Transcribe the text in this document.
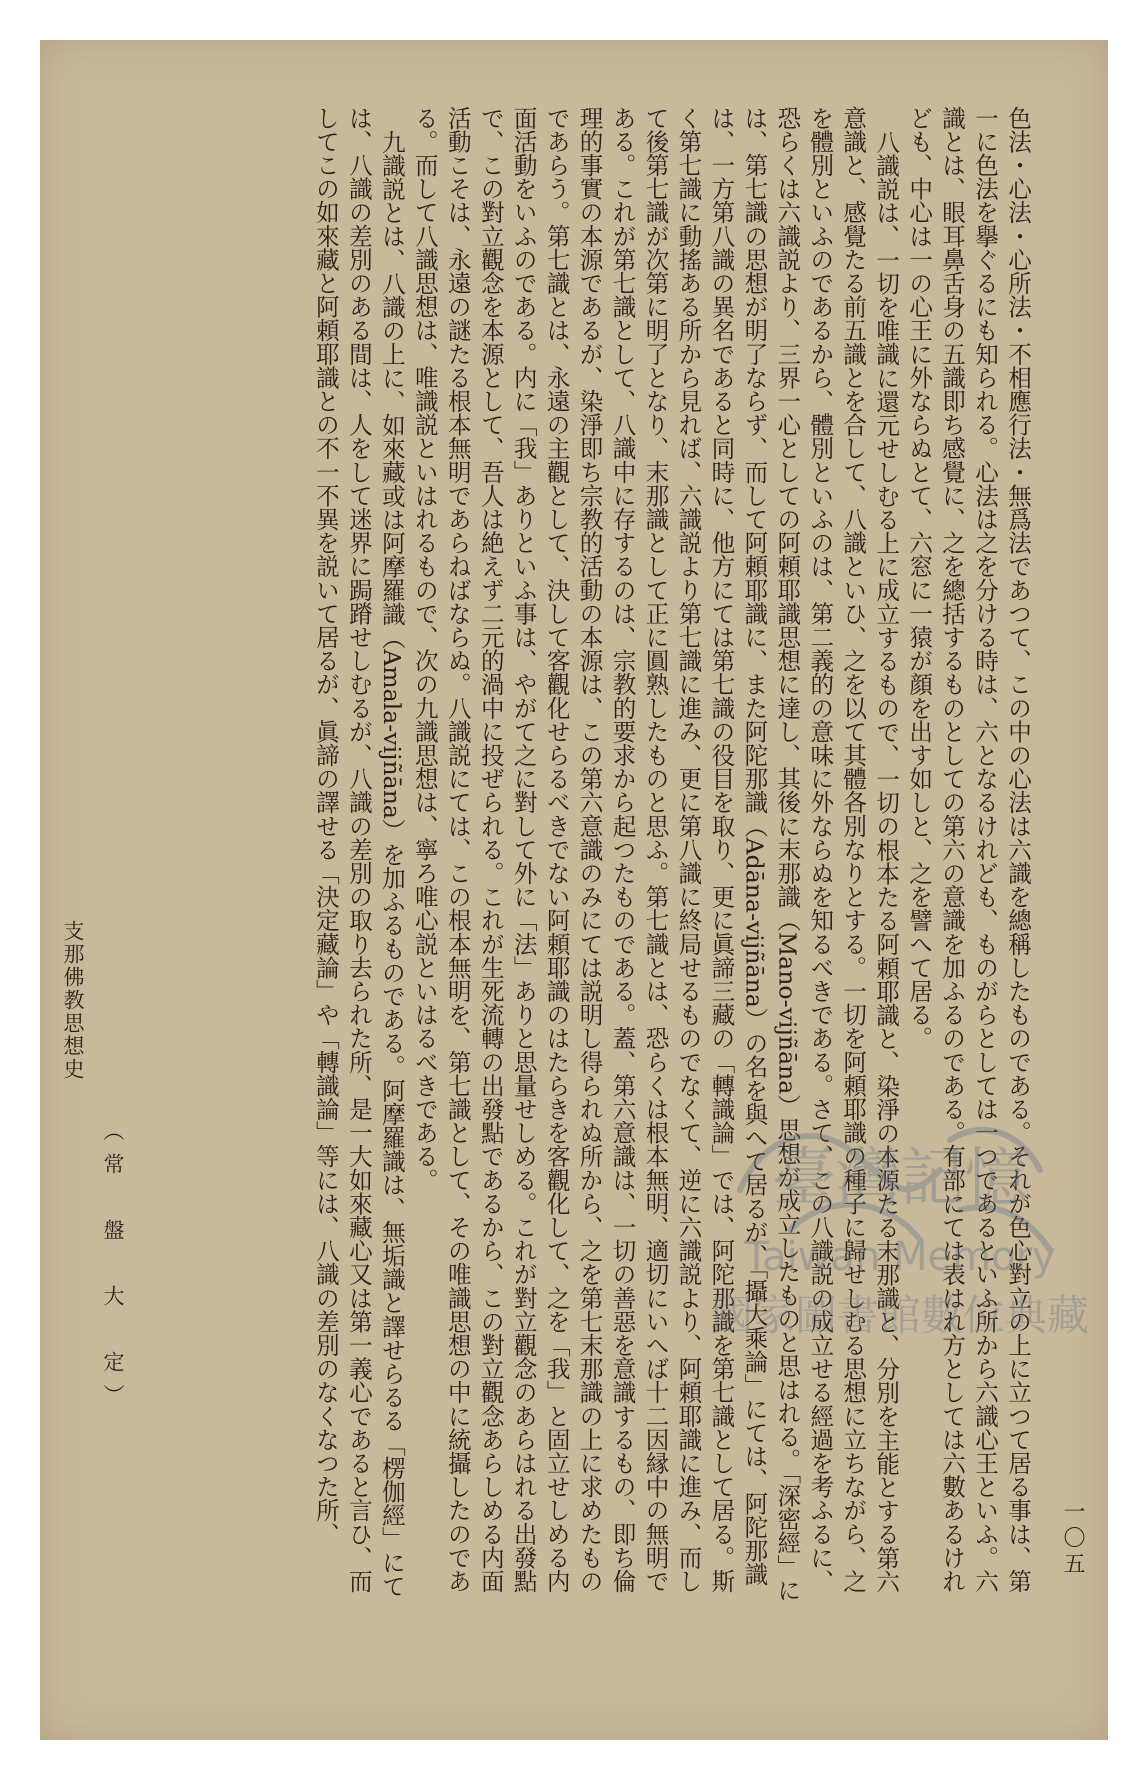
色法・心法・心所法・不相應行法・無爲法であつて、この中の心法は六識を總稱したものである。それが色心對立の上に立つて居る事は、第一に色法を擧ぐるにも知られる。心法は之を分ける時は、六となるけれども、ものがらとしては一つであるといふ所から六識心王といふ。六識とは、眼耳鼻舌身の五識即ち感覺に、之を總括するものとしての第六の意識を加ふるのである。有部にては表はれ方としては六數あるけれども、中心は一の心王に外ならぬとて、六窓に一猿が顔を出す如しと、之を譬へて居る。

八識説は、一切を唯識に還元せしむる上に成立するもので、一切の根本たる阿頼耶識と、染淨の本源たる末那識と、分別を主能とする第六意識と、感覺たる前五識とを合して、八識といひ、之を以て其體各別なりとする。一切を阿頼耶識の種子に歸せしむる思想に立ちながら、之を體別といふのであるから、體別といふのは、第二義的の意味に外ならぬを知るべきである。さて、この八識説の成立せる經過を考ふるに、恐らくは六識説より、三界一心としての阿頼耶識思想に達し、其後に末那識（Mano-vijñāna）思想が成立したものと思はれる。「深密經」には、第七識の思想が明了ならず、而して阿頼耶識に、また阿陀那識（Adāna-vijñāna）の名を與へて居るが、「攝大乘論」にては、阿陀那識は、一方第八識の異名であると同時に、他方にては第七識の役目を取り、更に眞諦三藏の「轉識論」では、阿陀那識を第七識として居る。斯く第七識に動搖ある所から見れば、六識説より第七識に進み、更に第八識に終局せるものでなくて、逆に六識説より、阿頼耶識に進み、而して後第七識が次第に明了となり、末那識として正に圓熟したものと思ふ。第七識とは、恐らくは根本無明、適切にいへば十二因縁中の無明である。これが第七識として、八識中に存するのは、宗教的要求から起つたものである。蓋、第六意識は、一切の善惡を意識するもの、即ち倫理的事實の本源であるが、染淨即ち宗教的活動の本源は、この第六意識のみにては説明し得られぬ所から、之を第七末那識の上に求めたものであらう。第七識とは、永遠の主觀として、決して客觀化せらるべきでない阿頼耶識のはたらきを客觀化して、之を「我」と固立せしめる内面活動をいふのである。内に「我」ありといふ事は、やがて之に對して外に「法」ありと思量せしめる。これが對立觀念のあらはれる出發點で、この對立觀念を本源として、吾人は絶えず二元的渦中に投ぜられる。これが生死流轉の出發點であるから、この對立觀念あらしめる内面活動こそは、永遠の謎たる根本無明であらねばならぬ。八識説にては、この根本無明を、第七識として、その唯識思想の中に統攝したのである。而して八識思想は、唯識説といはれるもので、次の九識思想は、寧ろ唯心説といはるべきである。

九識説とは、八識の上に、如來藏或は阿摩羅識（Amala-vijñāna）を加ふるものである。阿摩羅識は、無垢識と譯せらるる「楞伽經」にては、八識の差別のある間は、人をして迷界に跼蹐せしむるが、八識の差別の取り去られた所、是一大如來藏心又は第一義心であると言ひ、而してこの如來藏と阿頼耶識との不一不異を説いて居るが、眞諦の譯せる「決定藏論」や「轉識論」等には、八識の差別のなくなつた所、	一〇五
支那佛教思想史
（常　盤　大　定）	臺灣記憶
Taiwan Memory
國家圖書館數位典藏
